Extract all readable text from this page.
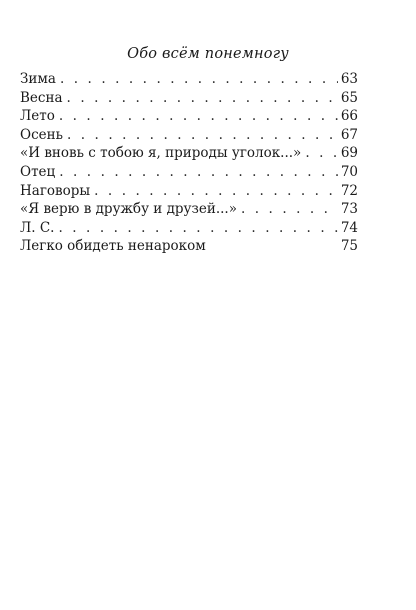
Обо всём понемногу
Зима . . .	63
Весна . . .	65
Лето . . .	66
Осень . . .	67
«И вновь с тобою я, природы уголок...» . . .	69
Отец . . .	70
Наговоры . . .	72
«Я верю в дружбу и друзей...» . . .	73
Л. С. . . .	74
Легко обидеть ненароком	75
